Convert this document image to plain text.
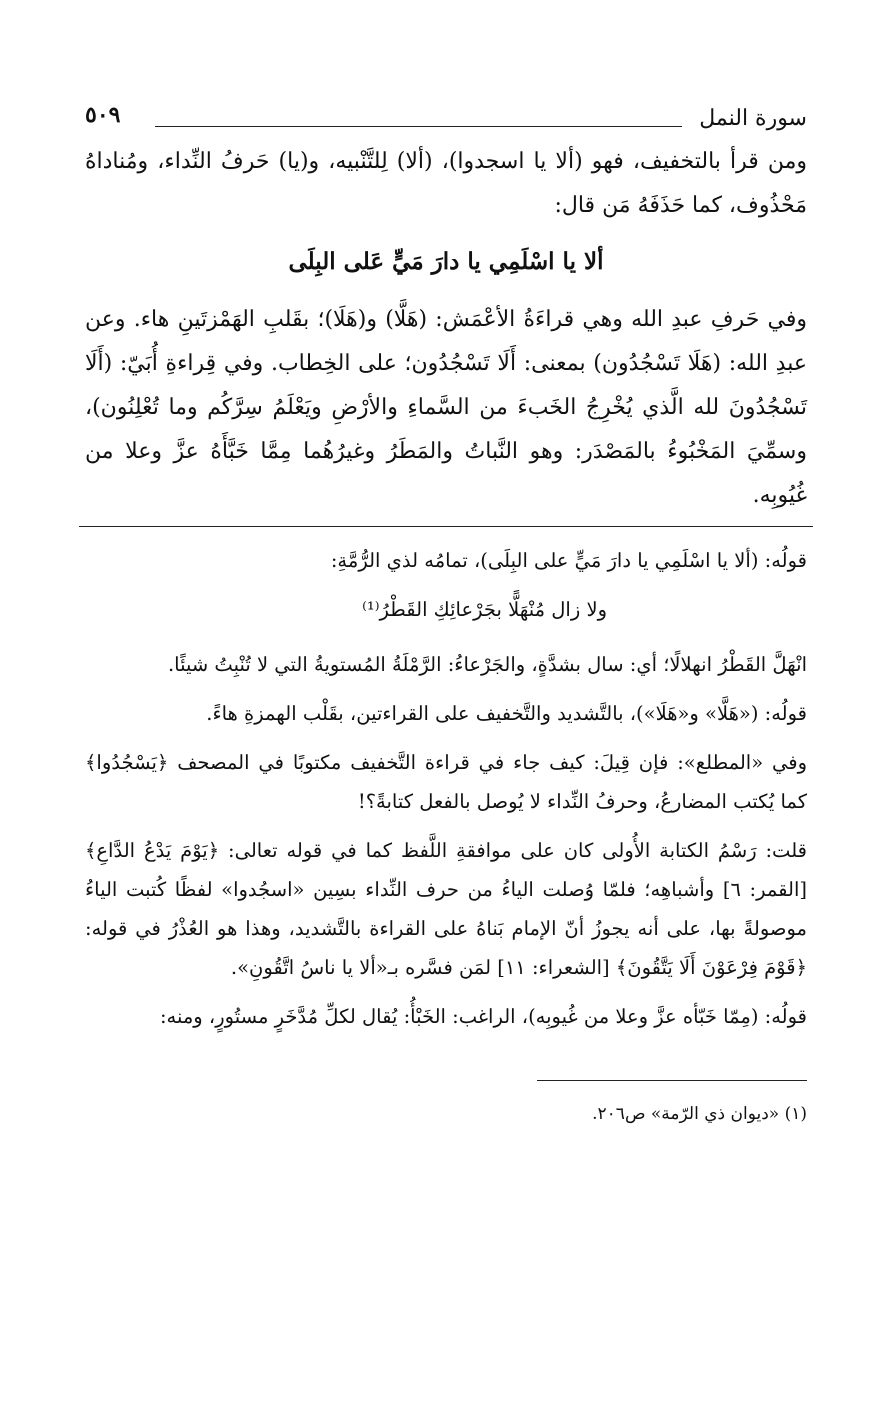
سورة النمل
٥٠٩

ومن قرأ بالتخفيف، فهو (ألا يا اسجدوا)، (ألا) لِلتَّنْبيه، و(يا) حَرفُ النِّداء، ومُناداهُ مَحْذُوف، كما حَذَفَهُ مَن قال:

ألا يا اسْلَمِي يا دارَ مَيٍّ عَلى البِلَى

وفي حَرفِ عبدِ الله وهي قراءَةُ الأعْمَش: (هَلَّا) و(هَلَا)؛ بقَلبِ الهَمْزتَينِ هاء. وعن عبدِ الله: (هَلَا تَسْجُدُون) بمعنى: أَلَا تَسْجُدُون؛ على الخِطاب. وفي قِراءةِ أُبَيّ: (أَلَا تَسْجُدُونَ لله الَّذي يُخْرِجُ الخَبءَ من السَّماءِ والأرْضِ ويَعْلَمُ سِرَّكُم وما تُعْلِنُون)، وسمِّيَ المَخْبُوءُ بالمَصْدَر: وهو النَّباتُ والمَطَرُ وغيرُهُما مِمَّا خَبَّأَهُ عزَّ وعلا من غُيُوبِه.

قولُه: (ألا يا اسْلَمِي يا دارَ مَيٍّ على البِلَى)، تمامُه لذي الرُّمَّةِ:

ولا زال مُنْهَلًّا بجَرْعائِكِ القَطْرُ⁽¹⁾

انْهَلَّ القَطْرُ انهلالًا؛ أي: سال بشدَّةٍ، والجَرْعاءُ: الرَّمْلَةُ المُستويةُ التي لا تُنْبِتُ شيئًا.

قولُه: («هَلَّا» و«هَلَا»)، بالتَّشديد والتَّخفيف على القراءتين، بقَلْب الهمزةِ هاءً.

وفي «المطلع»: فإن قِيلَ: كيف جاء في قراءة التَّخفيف مكتوبًا في المصحف ﴿يَسْجُدُوا﴾ كما يُكتب المضارعُ، وحرفُ النِّداء لا يُوصل بالفعل كتابةً؟!

قلت: رَسْمُ الكتابة الأُولى كان على موافقةِ اللَّفظ كما في قوله تعالى: ﴿يَوْمَ يَدْعُ الدَّاعِ﴾ [القمر: ٦] وأشباهِه؛ فلمّا وُصلت الياءُ من حرف النِّداء بسِين «اسجُدوا» لفظًا كُتبت الياءُ موصولةً بها، على أنه يجوزُ أنّ الإمام بَناهُ على القراءة بالتَّشديد، وهذا هو العُذْرُ في قوله: ﴿قَوْمَ فِرْعَوْنَ أَلَا يَتَّقُونَ﴾ [الشعراء: ١١] لمَن فسَّره بـ«ألا يا ناسُ اتَّقُونِ».

قولُه: (مِمّا خَبّأه عزَّ وعلا من غُيوبِه)، الراغب: الخَبْأُ: يُقال لكلِّ مُدَّخَرٍ مستُورٍ، ومنه:

(١) «ديوان ذي الرّمة» ص٢٠٦.
